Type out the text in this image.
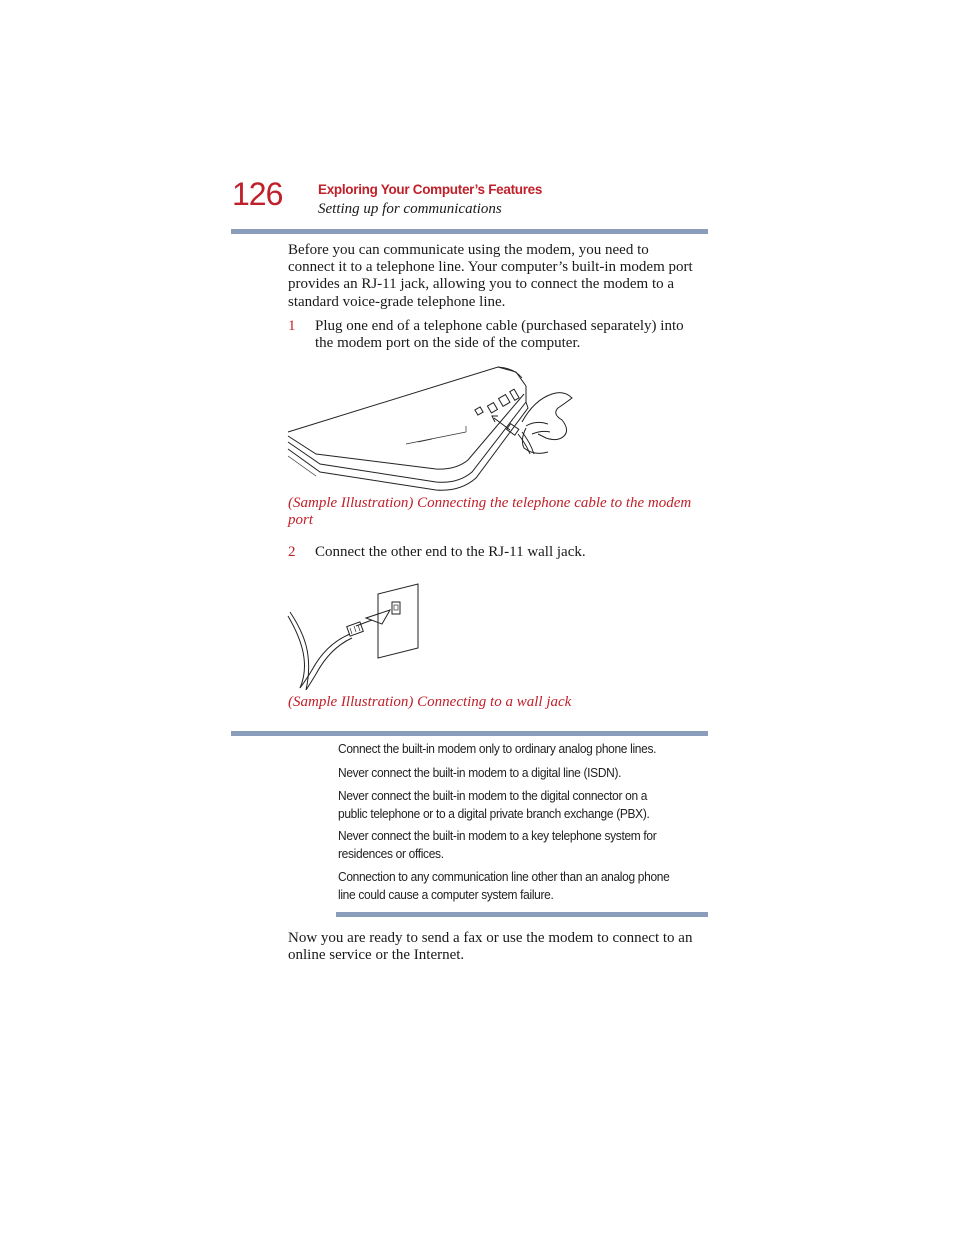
126	Exploring Your Computer’s Features
Setting up for communications
Before you can communicate using the modem, you need to
connect it to a telephone line. Your computer’s built-in modem port
provides an RJ-11 jack, allowing you to connect the modem to a
standard voice-grade telephone line.
1 Plug one end of a telephone cable (purchased separately) into
the modem port on the side of the computer.
(Sample Illustration) Connecting the telephone cable to the modem
port
2 Connect the other end to the RJ-11 wall jack.
(Sample Illustration) Connecting to a wall jack
Connect the built-in modem only to ordinary analog phone lines.
Never connect the built-in modem to a digital line (ISDN).
Never connect the built-in modem to the digital connector on a
public telephone or to a digital private branch exchange (PBX).
Never connect the built-in modem to a key telephone system for
residences or offices.
Connection to any communication line other than an analog phone
line could cause a computer system failure.
Now you are ready to send a fax or use the modem to connect to an
online service or the Internet.
